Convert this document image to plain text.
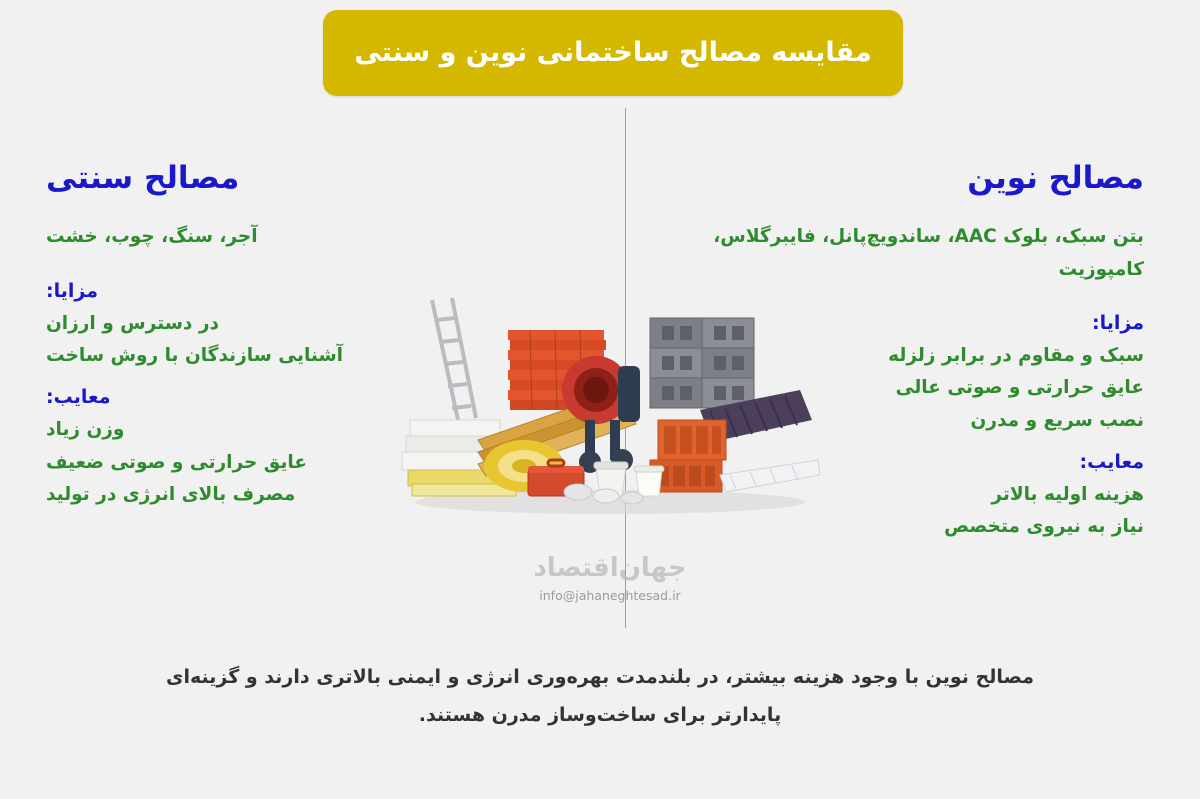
مقایسه مصالح ساختمانی نوین و سنتی
مصالح نوین

بتن سبک، بلوک AAC، ساندویچ‌پانل، فایبرگلاس، کامپوزیت

مزایا:
سبک و مقاوم در برابر زلزله
عایق حرارتی و صوتی عالی
نصب سریع و مدرن
معایب:
هزینه اولیه بالاتر
نیاز به نیروی متخصص
مصالح سنتی

آجر، سنگ، چوب، خشت

مزایا:
در دسترس و ارزان
آشنایی سازندگان با روش ساخت
معایب:
وزن زیاد
عایق حرارتی و صوتی ضعیف
مصرف بالای انرژی در تولید
جهان‌اقتصاد
info@jahaneghtesad.ir
مصالح نوین با وجود هزینه بیشتر، در بلندمدت بهره‌وری انرژی و ایمنی بالاتری دارند و گزینه‌ای پایدارتر برای ساخت‌وساز مدرن هستند.
